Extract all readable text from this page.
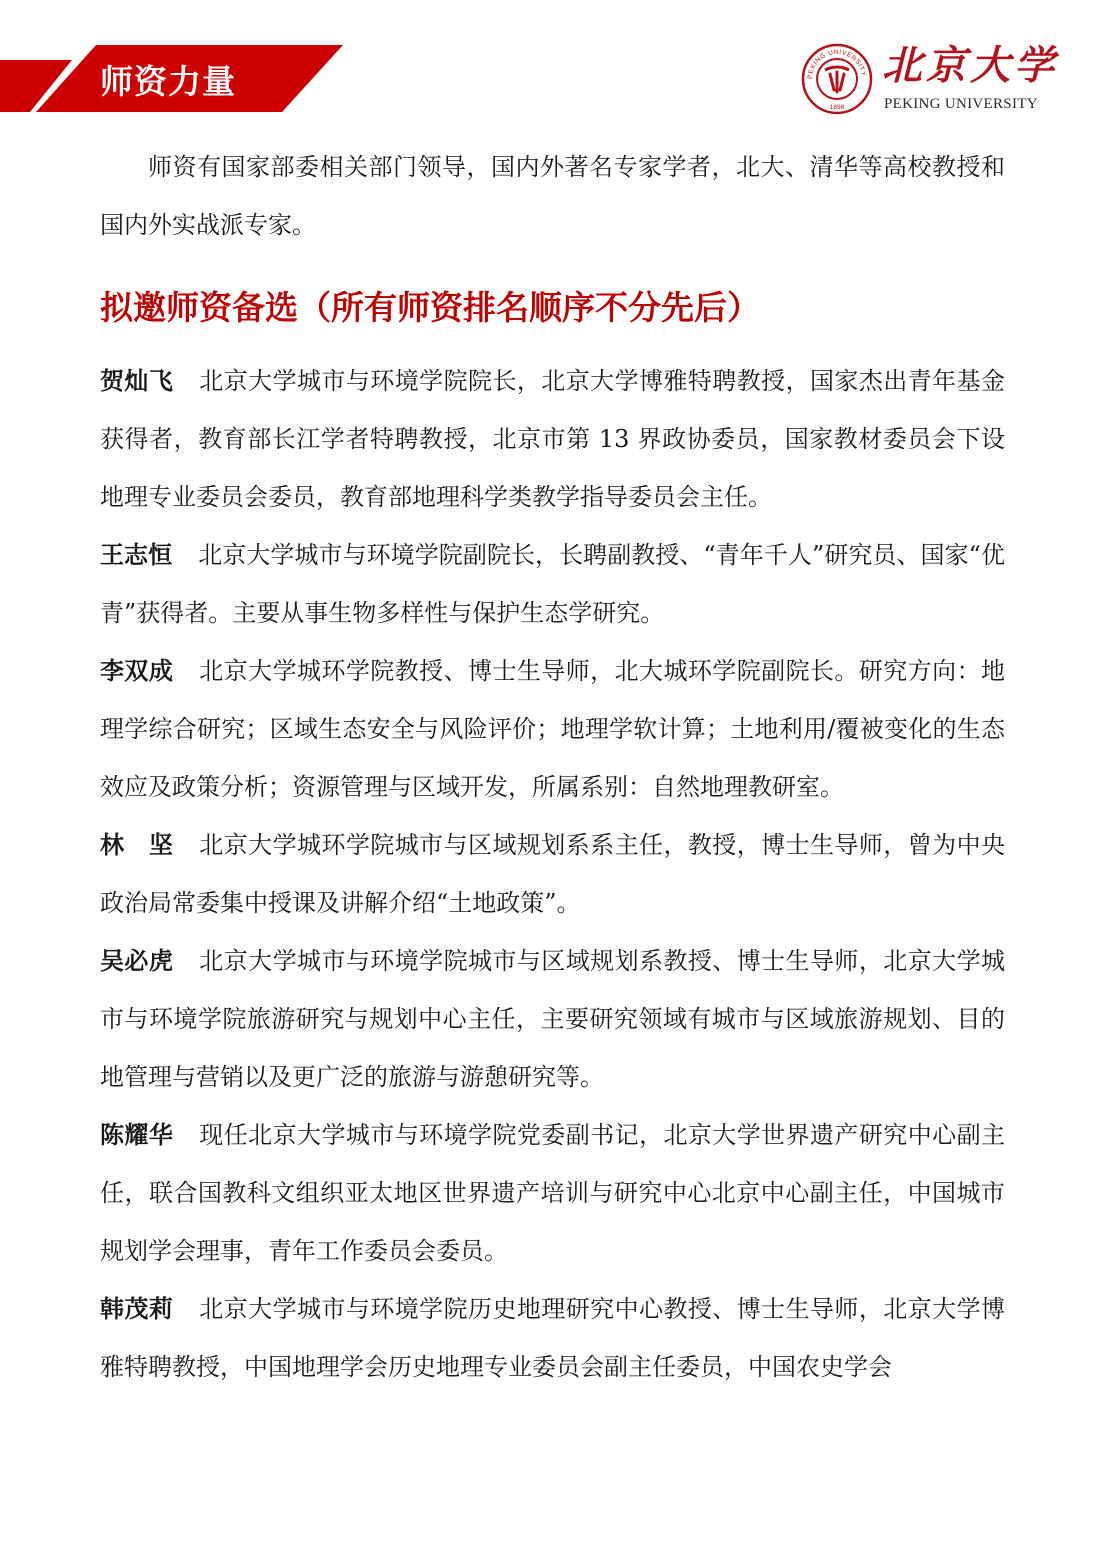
师资力量	PEKING UNIVERSITY
1898
北京大学
PEKING UNIVERSITY

师资有国家部委相关部门领导，国内外著名专家学者，北大、清华等高校教授和国内外实战派专家。

拟邀师资备选（所有师资排名顺序不分先后）

贺灿飞 北京大学城市与环境学院院长，北京大学博雅特聘教授，国家杰出青年基金获得者，教育部长江学者特聘教授，北京市第 13 界政协委员，国家教材委员会下设地理专业委员会委员，教育部地理科学类教学指导委员会主任。

王志恒 北京大学城市与环境学院副院长，长聘副教授、“青年千人”研究员、国家“优青”获得者。主要从事生物多样性与保护生态学研究。

李双成 北京大学城环学院教授、博士生导师，北大城环学院副院长。研究方向：地理学综合研究；区域生态安全与风险评价；地理学软计算；土地利用/覆被变化的生态效应及政策分析；资源管理与区域开发，所属系别：自然地理教研室。

林　坚 北京大学城环学院城市与区域规划系系主任，教授，博士生导师，曾为中央政治局常委集中授课及讲解介绍“土地政策”。

吴必虎 北京大学城市与环境学院城市与区域规划系教授、博士生导师，北京大学城市与环境学院旅游研究与规划中心主任，主要研究领域有城市与区域旅游规划、目的地管理与营销以及更广泛的旅游与游憩研究等。

陈耀华 现任北京大学城市与环境学院党委副书记，北京大学世界遗产研究中心副主任，联合国教科文组织亚太地区世界遗产培训与研究中心北京中心副主任，中国城市规划学会理事，青年工作委员会委员。

韩茂莉 北京大学城市与环境学院历史地理研究中心教授、博士生导师，北京大学博雅特聘教授，中国地理学会历史地理专业委员会副主任委员，中国农史学会
